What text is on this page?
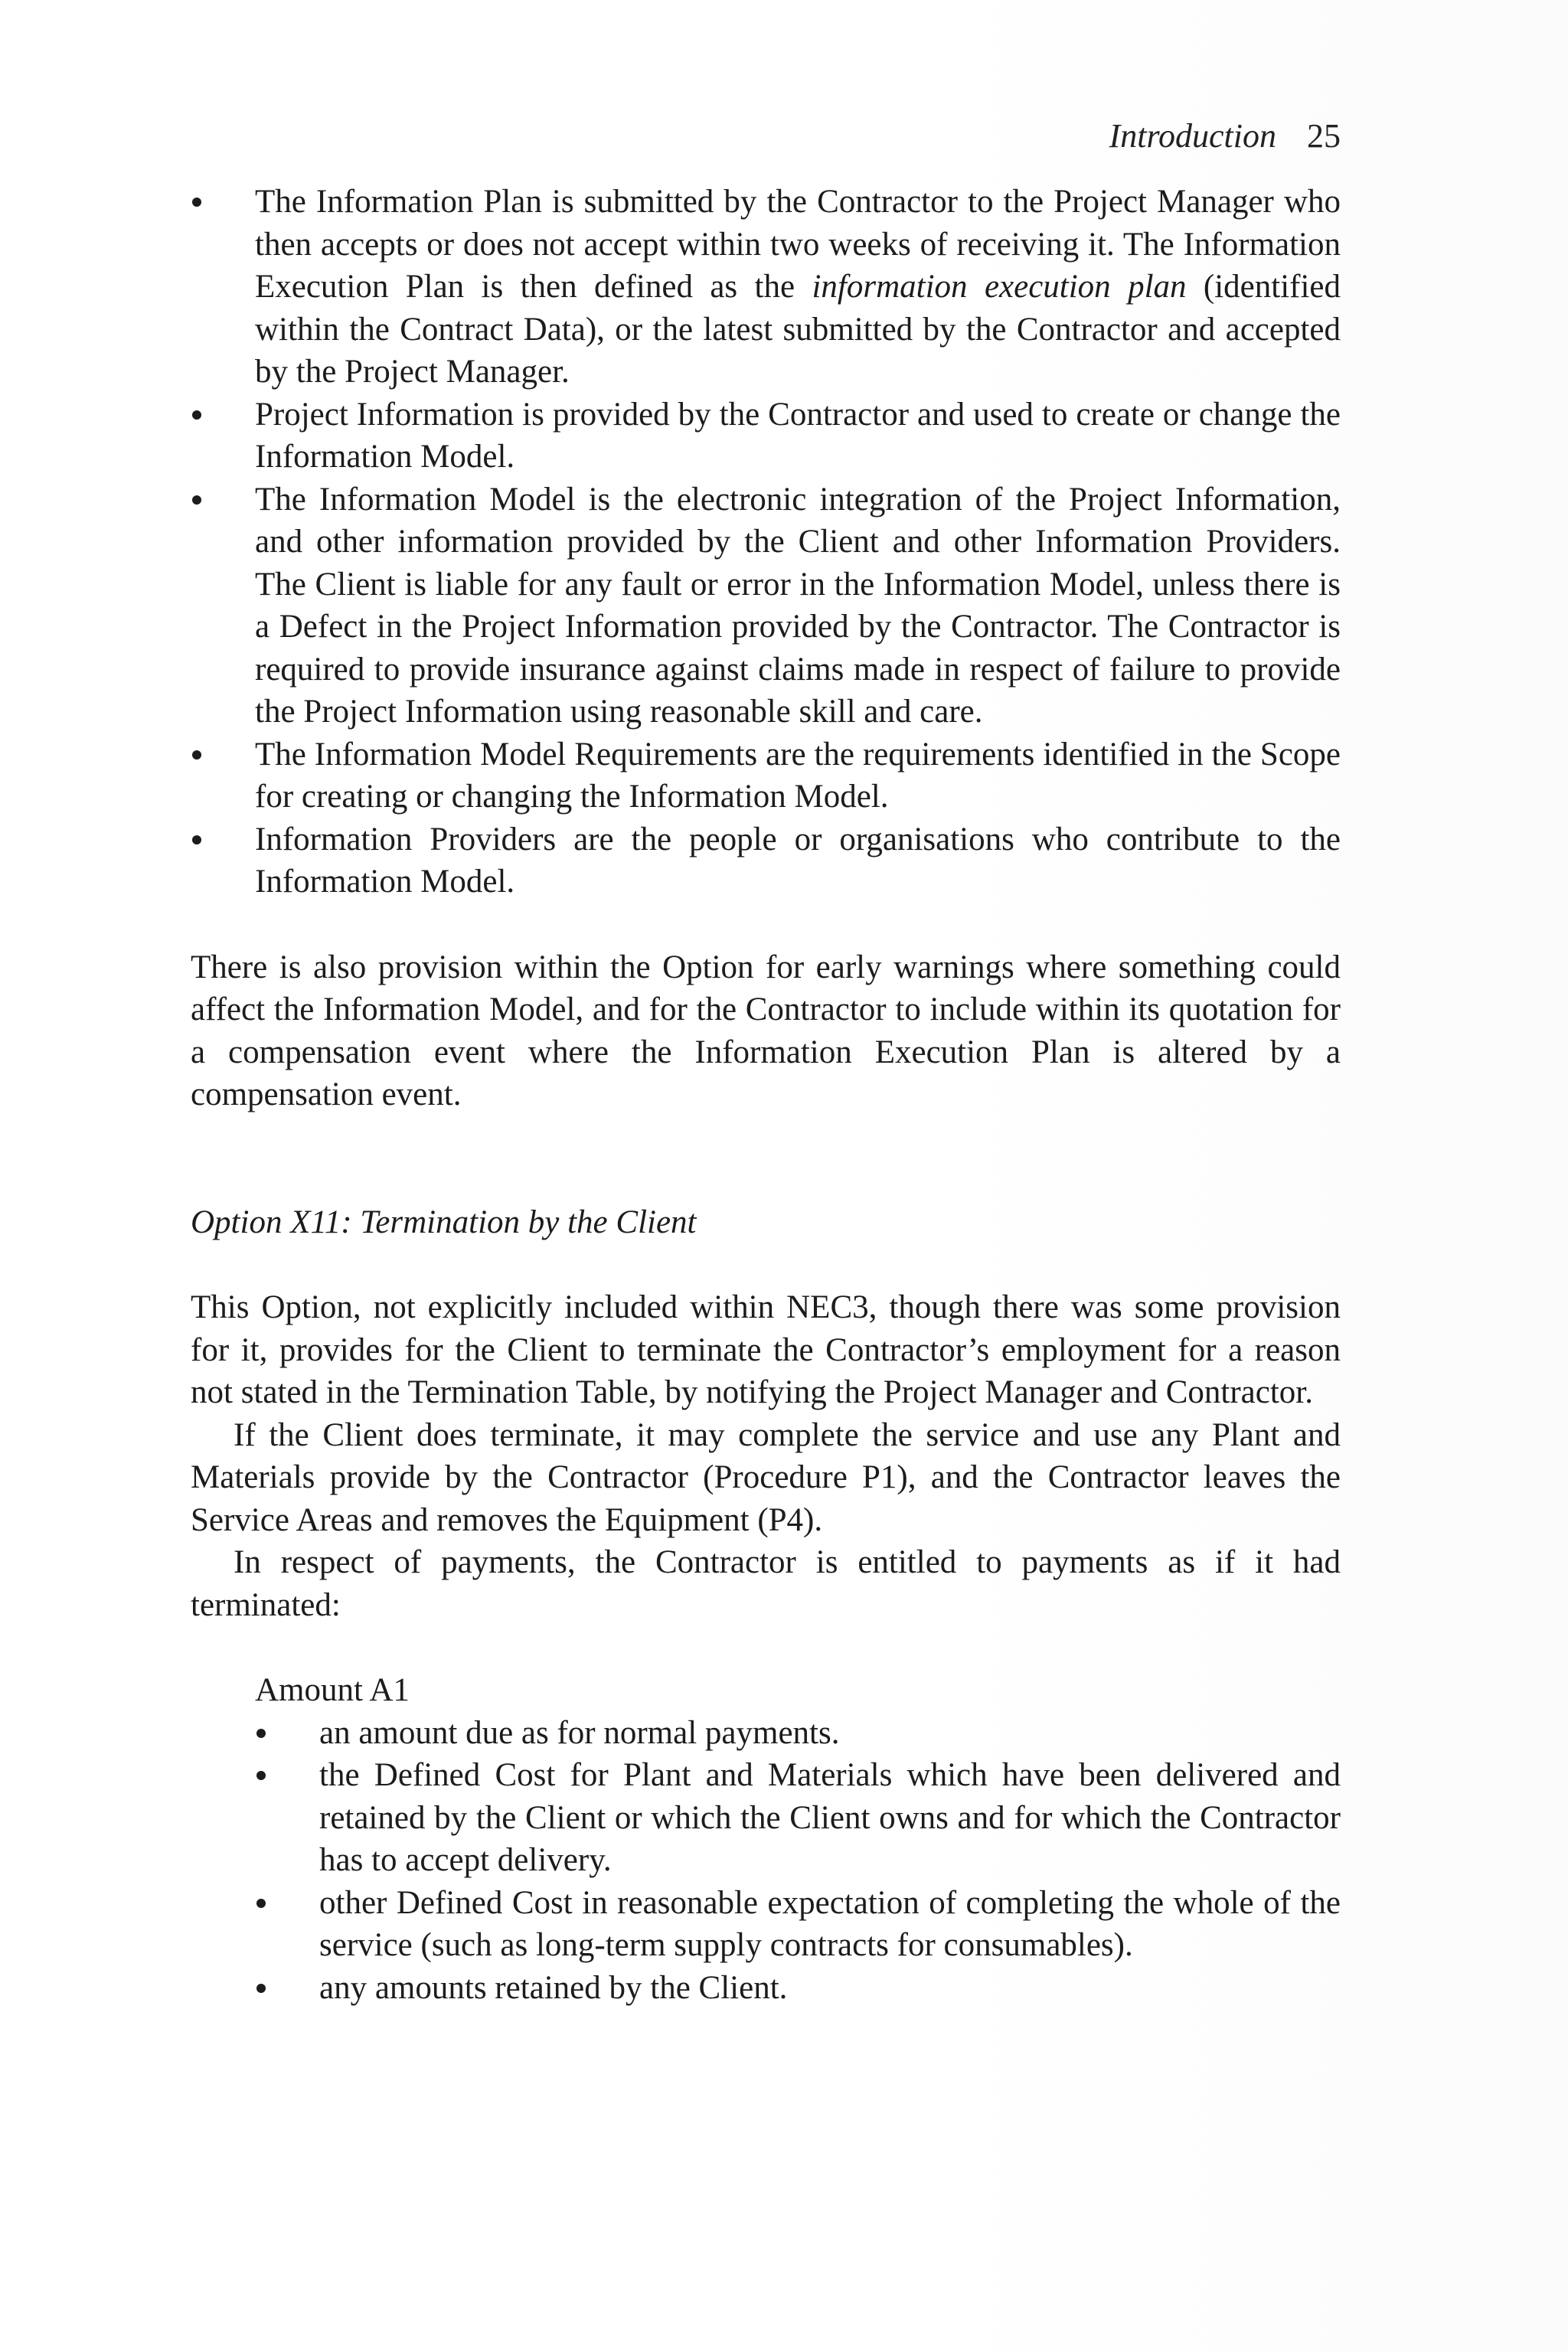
Introduction 25
The Information Plan is submitted by the Contractor to the Project Manager who then accepts or does not accept within two weeks of receiving it. The Information Execution Plan is then defined as the information execution plan (identified within the Contract Data), or the latest submitted by the Contractor and accepted by the Project Manager.
Project Information is provided by the Contractor and used to create or change the Information Model.
The Information Model is the electronic integration of the Project Information, and other information provided by the Client and other Information Providers. The Client is liable for any fault or error in the Information Model, unless there is a Defect in the Project Information provided by the Contractor. The Contractor is required to provide insurance against claims made in respect of failure to provide the Project Information using reasonable skill and care.
The Information Model Requirements are the requirements identified in the Scope for creating or changing the Information Model.
Information Providers are the people or organisations who contribute to the Information Model.

There is also provision within the Option for early warnings where something could affect the Information Model, and for the Contractor to include within its quotation for a compensation event where the Information Execution Plan is altered by a compensation event.

Option X11: Termination by the Client

This Option, not explicitly included within NEC3, though there was some provision for it, provides for the Client to terminate the Contractor’s employment for a reason not stated in the Termination Table, by notifying the Project Manager and Contractor.

If the Client does terminate, it may complete the service and use any Plant and Materials provide by the Contractor (Procedure P1), and the Contractor leaves the Service Areas and removes the Equipment (P4).

In respect of payments, the Contractor is entitled to payments as if it had terminated:

Amount A1

an amount due as for normal payments.
the Defined Cost for Plant and Materials which have been delivered and retained by the Client or which the Client owns and for which the Contractor has to accept delivery.
other Defined Cost in reasonable expectation of completing the whole of the service (such as long-term supply contracts for consumables).
any amounts retained by the Client.
